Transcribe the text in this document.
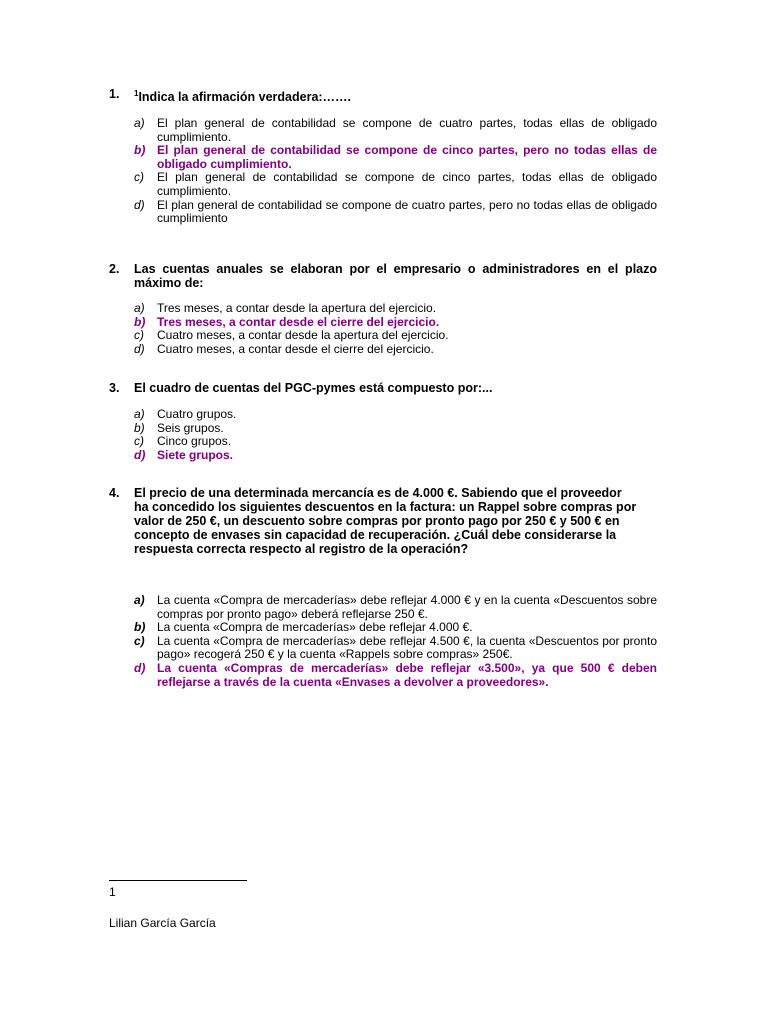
1. $^1$Indica la afirmación verdadera:…….
a) El plan general de contabilidad se compone de cuatro partes, todas ellas de obligado cumplimiento.
b) El plan general de contabilidad se compone de cinco partes, pero no todas ellas de obligado cumplimiento.
c) El plan general de contabilidad se compone de cinco partes, todas ellas de obligado cumplimiento.
d) El plan general de contabilidad se compone de cuatro partes, pero no todas ellas de obligado cumplimiento
2. Las cuentas anuales se elaboran por el empresario o administradores en el plazo máximo de:
a) Tres meses, a contar desde la apertura del ejercicio.
b) Tres meses, a contar desde el cierre del ejercicio.
c) Cuatro meses, a contar desde la apertura del ejercicio.
d) Cuatro meses, a contar desde el cierre del ejercicio.
3. El cuadro de cuentas del PGC-pymes está compuesto por:...
a) Cuatro grupos.
b) Seis grupos.
c) Cinco grupos.
d) Siete grupos.
4. El precio de una determinada mercancía es de 4.000 €. Sabiendo que el proveedor ha concedido los siguientes descuentos en la factura: un Rappel sobre compras por valor de 250 €, un descuento sobre compras por pronto pago por 250 € y 500 € en concepto de envases sin capacidad de recuperación. ¿Cuál debe considerarse la respuesta correcta respecto al registro de la operación?
a) La cuenta «Compra de mercaderías» debe reflejar 4.000 € y en la cuenta «Descuentos sobre compras por pronto pago» deberá reflejarse 250 €.
b) La cuenta «Compra de mercaderías» debe reflejar 4.000 €.
c) La cuenta «Compra de mercaderías» debe reflejar 4.500 €, la cuenta «Descuentos por pronto pago» recogerá 250 € y la cuenta «Rappels sobre compras» 250€.
d) La cuenta «Compras de mercaderías» debe reflejar «3.500», ya que 500 € deben reflejarse a través de la cuenta «Envases a devolver a proveedores».
1
Lilian García García
